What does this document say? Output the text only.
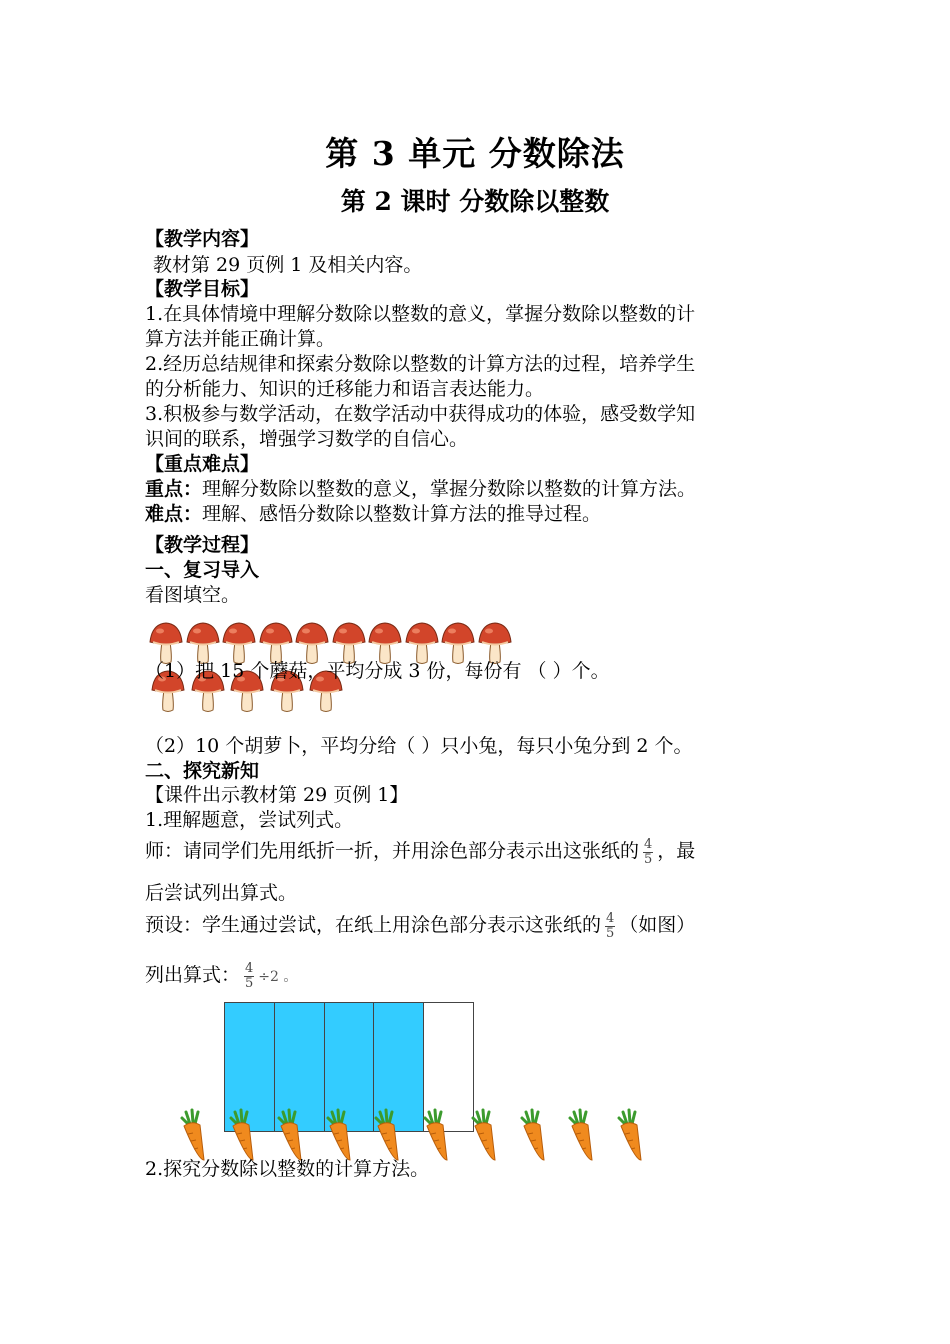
第 3 单元 分数除法
第 2 课时 分数除以整数
【教学内容】
教材第 29 页例 1 及相关内容。
【教学目标】
1.在具体情境中理解分数除以整数的意义，掌握分数除以整数的计
算方法并能正确计算。
2.经历总结规律和探索分数除以整数的计算方法的过程，培养学生
的分析能力、知识的迁移能力和语言表达能力。
3.积极参与数学活动，在数学活动中获得成功的体验，感受数学知
识间的联系，增强学习数学的自信心。
【重点难点】
重点：理解分数除以整数的意义，掌握分数除以整数的计算方法。
难点：理解、感悟分数除以整数计算方法的推导过程。
【教学过程】
一、复习导入
看图填空。
（1）把 15 个蘑菇，平均分成 3 份，每份有 （ ）个。
（2）10 个胡萝卜，平均分给（ ）只小兔，每只小兔分到 2 个。
二、探究新知
【课件出示教材第 29 页例 1】
1.理解题意，尝试列式。
师：请同学们先用纸折一折，并用涂色部分表示出这张纸的 $\frac{4}{5}$ ，最
后尝试列出算式。
预设：学生通过尝试，在纸上用涂色部分表示这张纸的 $\frac{4}{5}$ （如图）
列出算式： $\frac{4}{5} \div 2$ 。
2.探究分数除以整数的计算方法。
